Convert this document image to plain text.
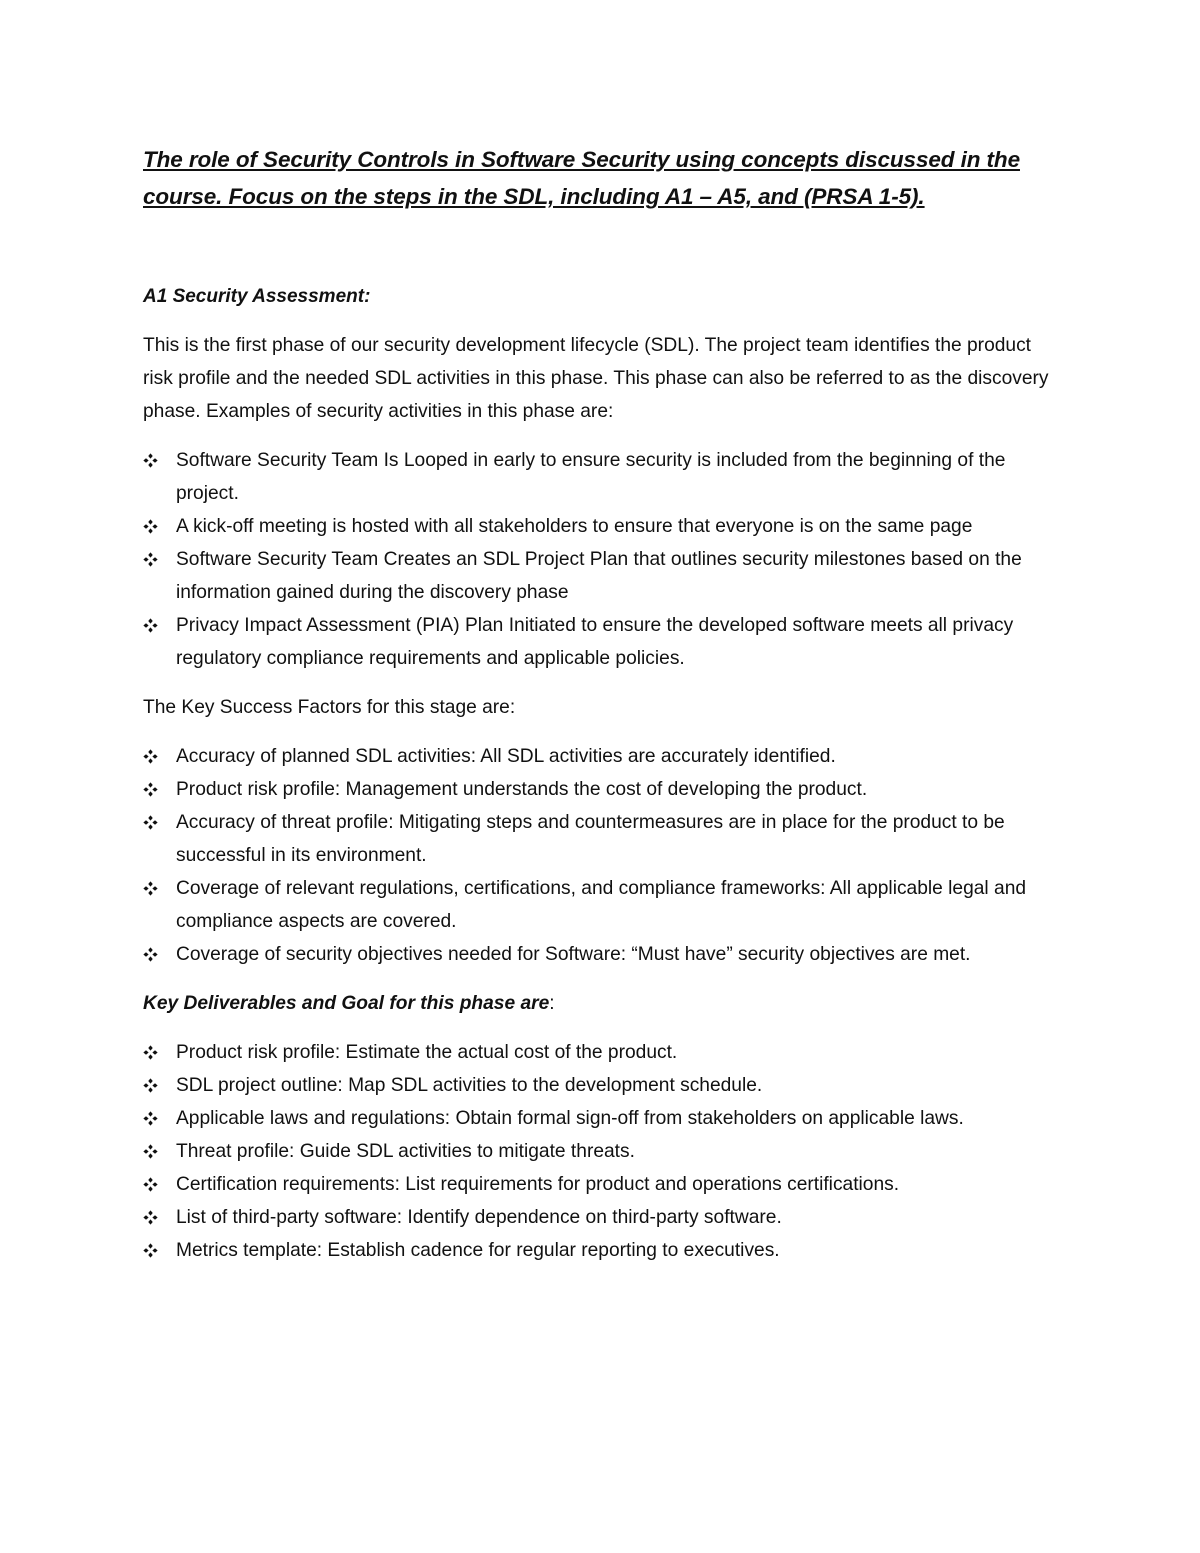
The role of Security Controls in Software Security using concepts discussed in the course. Focus on the steps in the SDL, including A1 – A5, and (PRSA 1-5).

A1 Security Assessment:

This is the first phase of our security development lifecycle (SDL). The project team identifies the product risk profile and the needed SDL activities in this phase. This phase can also be referred to as the discovery phase. Examples of security activities in this phase are:

Software Security Team Is Looped in early to ensure security is included from the beginning of the project.
A kick-off meeting is hosted with all stakeholders to ensure that everyone is on the same page
Software Security Team Creates an SDL Project Plan that outlines security milestones based on the information gained during the discovery phase
Privacy Impact Assessment (PIA) Plan Initiated to ensure the developed software meets all privacy regulatory compliance requirements and applicable policies.

The Key Success Factors for this stage are:

Accuracy of planned SDL activities: All SDL activities are accurately identified.
Product risk profile: Management understands the cost of developing the product.
Accuracy of threat profile: Mitigating steps and countermeasures are in place for the product to be successful in its environment.
Coverage of relevant regulations, certifications, and compliance frameworks: All applicable legal and compliance aspects are covered.
Coverage of security objectives needed for Software: “Must have” security objectives are met.

Key Deliverables and Goal for this phase are:

Product risk profile: Estimate the actual cost of the product.
SDL project outline: Map SDL activities to the development schedule.
Applicable laws and regulations: Obtain formal sign-off from stakeholders on applicable laws.
Threat profile: Guide SDL activities to mitigate threats.
Certification requirements: List requirements for product and operations certifications.
List of third-party software: Identify dependence on third-party software.
Metrics template: Establish cadence for regular reporting to executives.
